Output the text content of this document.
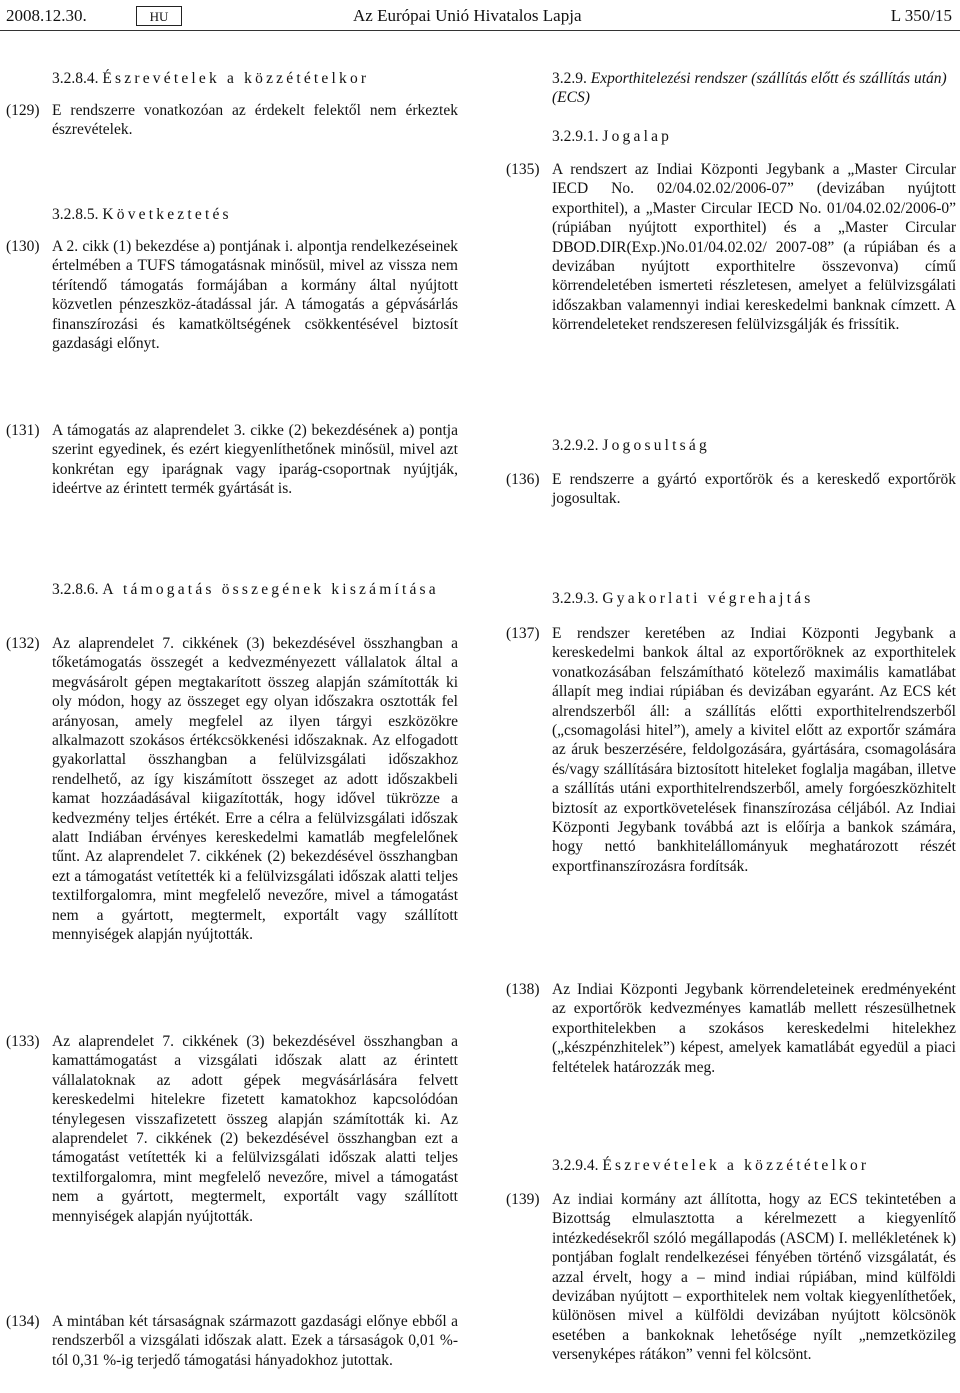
2008.12.30.	HU	Az Európai Unió Hivatalos Lapja	L 350/15
3.2.8.4. Észrevételek a közzétételkor
(129) E rendszerre vonatkozóan az érdekelt felektől nem érkeztek észrevételek.
3.2.8.5. Következtetés
(130) A 2. cikk (1) bekezdése a) pontjának i. alpontja rendelkezéseinek értelmében a TUFS támogatásnak minősül, mivel az vissza nem térítendő támogatás formájában a kormány által nyújtott közvetlen pénzeszköz-átadással jár. A támogatás a gépvásárlás finanszírozási és kamatköltségének csökkentésével biztosít gazdasági előnyt.
(131) A támogatás az alaprendelet 3. cikke (2) bekezdésének a) pontja szerint egyedinek, és ezért kiegyenlíthetőnek minősül, mivel azt konkrétan egy iparágnak vagy iparág-csoportnak nyújtják, ideértve az érintett termék gyártását is.
3.2.8.6. A támogatás összegének kiszámítása
(132) Az alaprendelet 7. cikkének (3) bekezdésével összhangban a tőketámogatás összegét a kedvezményezett vállalatok által a megvásárolt gépen megtakarított összeg alapján számították ki oly módon, hogy az összeget egy olyan időszakra osztották fel arányosan, amely megfelel az ilyen tárgyi eszközökre alkalmazott szokásos értékcsökkenési időszaknak. Az elfogadott gyakorlattal összhangban a felülvizsgálati időszakhoz rendelhető, az így kiszámított összeget az adott időszakbeli kamat hozzáadásával kiigazították, hogy idővel tükrözze a kedvezmény teljes értékét. Erre a célra a felülvizsgálati időszak alatt Indiában érvényes kereskedelmi kamatláb megfelelőnek tűnt. Az alaprendelet 7. cikkének (2) bekezdésével összhangban ezt a támogatást vetítették ki a felülvizsgálati időszak alatti teljes textilforgalomra, mint megfelelő nevezőre, mivel a támogatást nem a gyártott, megtermelt, exportált vagy szállított mennyiségek alapján nyújtották.
(133) Az alaprendelet 7. cikkének (3) bekezdésével összhangban a kamattámogatást a vizsgálati időszak alatt az érintett vállalatoknak az adott gépek megvásárlására felvett kereskedelmi hitelekre fizetett kamatokhoz kapcsolódóan ténylegesen visszafizetett összeg alapján számították ki. Az alaprendelet 7. cikkének (2) bekezdésével összhangban ezt a támogatást vetítették ki a felülvizsgálati időszak alatti teljes textilforgalomra, mint megfelelő nevezőre, mivel a támogatást nem a gyártott, megtermelt, exportált vagy szállított mennyiségek alapján nyújtották.
(134) A mintában két társaságnak származott gazdasági előnye ebből a rendszerből a vizsgálati időszak alatt. Ezek a társaságok 0,01 %-tól 0,31 %-ig terjedő támogatási hányadokhoz jutottak.
3.2.9. Exporthitelezési rendszer (szállítás előtt és szállítás után) (ECS)
3.2.9.1. Jogalap
(135) A rendszert az Indiai Központi Jegybank a „Master Circular IECD No. 02/04.02.02/2006-07” (devizában nyújtott exporthitel), a „Master Circular IECD No. 01/04.02.02/2006-0” (rúpiában nyújtott exporthitel) és a „Master Circular DBOD.DIR(Exp.)No.01/04.02.02/ 2007-08” (a rúpiában és a devizában nyújtott exporthitelre összevonva) című körrendeletében ismerteti részletesen, amelyet a felülvizsgálati időszakban valamennyi indiai kereskedelmi banknak címzett. A körrendeleteket rendszeresen felülvizsgálják és frissítik.
3.2.9.2. Jogosultság
(136) E rendszerre a gyártó exportőrök és a kereskedő exportőrök jogosultak.
3.2.9.3. Gyakorlati végrehajtás
(137) E rendszer keretében az Indiai Központi Jegybank a kereskedelmi bankok által az exportőröknek az exporthitelek vonatkozásában felszámítható kötelező maximális kamatlábat állapít meg indiai rúpiában és devizában egyaránt. Az ECS két alrendszerből áll: a szállítás előtti exporthitelrendszerből („csomagolási hitel”), amely a kivitel előtt az exportőr számára az áruk beszerzésére, feldolgozására, gyártására, csomagolására és/vagy szállítására biztosított hiteleket foglalja magában, illetve a szállítás utáni exporthitelrendszerből, amely forgóeszközhitelt biztosít az exportkövetelések finanszírozása céljából. Az Indiai Központi Jegybank továbbá azt is előírja a bankok számára, hogy nettó bankhitelállományuk meghatározott részét exportfinanszírozásra fordítsák.
(138) Az Indiai Központi Jegybank körrendeleteinek eredményeként az exportőrök kedvezményes kamatláb mellett részesülhetnek exporthitelekben a szokásos kereskedelmi hitelekhez („készpénzhitelek”) képest, amelyek kamatlábát egyedül a piaci feltételek határozzák meg.
3.2.9.4. Észrevételek a közzétételkor
(139) Az indiai kormány azt állította, hogy az ECS tekintetében a Bizottság elmulasztotta a kérelmezett a kiegyenlítő intézkedésekről szóló megállapodás (ASCM) I. mellékletének k) pontjában foglalt rendelkezései fényében történő vizsgálatát, és azzal érvelt, hogy a – mind indiai rúpiában, mind külföldi devizában nyújtott – exporthitelek nem voltak kiegyenlíthetőek, különösen mivel a külföldi devizában nyújtott kölcsönök esetében a bankoknak lehetősége nyílt „nemzetközileg versenyképes rátákon” venni fel kölcsönt.
